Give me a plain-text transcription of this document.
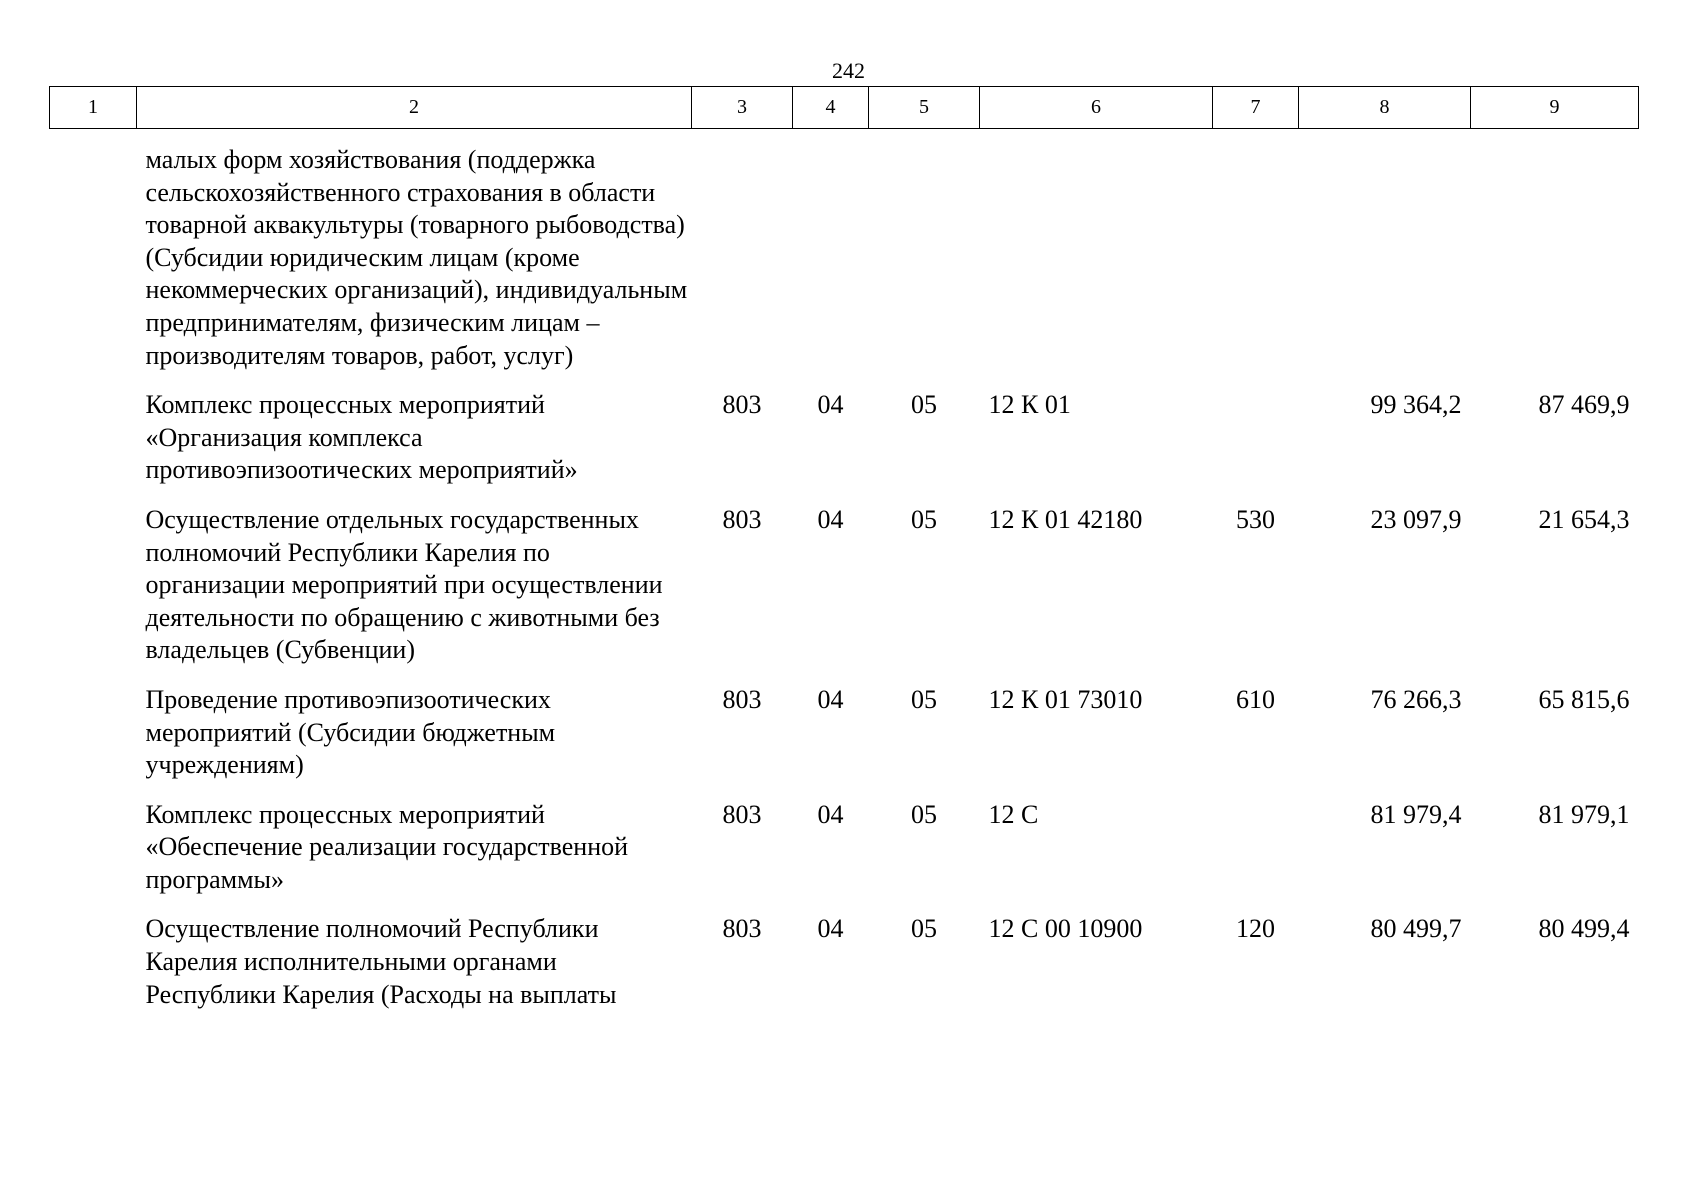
242
1	2	3	4	5	6	7	8	9
	малых форм хозяйствования (поддержка сельскохозяйственного страхования в области товарной аквакультуры (товарного рыбоводства) (Субсидии юридическим лицам (кроме некоммерческих организаций), индивидуальным предпринимателям, физическим лицам – производителям товаров, работ, услуг)							
	Комплекс процессных мероприятий «Организация комплекса противоэпизоотических мероприятий»	803	04	05	12 К 01		99 364,2	87 469,9
	Осуществление отдельных государственных полномочий Республики Карелия по организации мероприятий при осуществлении деятельности по обращению с животными без владельцев (Субвенции)	803	04	05	12 К 01 42180	530	23 097,9	21 654,3
	Проведение противоэпизоотических мероприятий (Субсидии бюджетным учреждениям)	803	04	05	12 К 01 73010	610	76 266,3	65 815,6
	Комплекс процессных мероприятий «Обеспечение реализации государственной программы»	803	04	05	12 С		81 979,4	81 979,1
	Осуществление полномочий Республики Карелия исполнительными органами Республики Карелия (Расходы на выплаты	803	04	05	12 С 00 10900	120	80 499,7	80 499,4
